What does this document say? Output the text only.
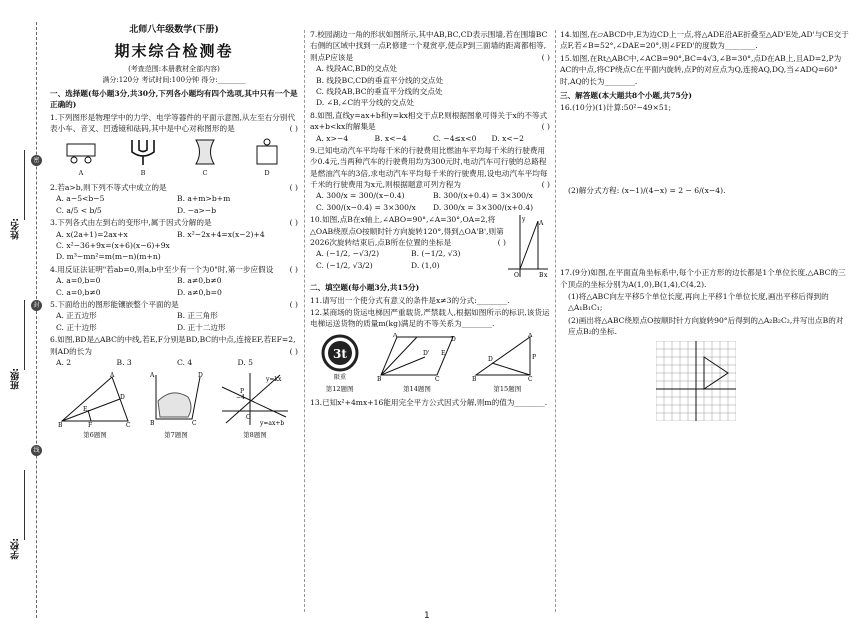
密
封
线
姓名:
班级:
学校:
北师八年级数学(下册)
期末综合检测卷
(考查范围:本册教材全部内容)
满分:120分 考试时间:100分钟 得分:________
一、选择题(每小题3分,共30分,下列各小题均有四个选项,其中只有一个是正确的)
1.下列图形是物理学中的力学、电学等器件的平面示意图,从左至右分别代表小车、音叉、凹透镜和砝码,其中是中心对称图形的是	( )
A	B	C	D
2.若a>b,则下列不等式中成立的是	( )
A. a−5<b−5	B. a+m>b+m
C. a/5 < b/5	D. −a>−b
3.下列各式由左到右的变形中,属于因式分解的是	( )
A. x(2a+1)=2ax+x	B. x²−2x+4=x(x−2)+4
C. x²−36+9x=(x+6)(x−6)+9x
D. m³−mn²=m(m−n)(m+n)
4.用反证法证明"若ab=0,则a,b中至少有一个为0"时,第一步应假设 ( )
A. a=0,b=0	B. a≠0,b≠0
C. a=0,b≠0	D. a≠0,b=0
5.下面给出的图形能镶嵌整个平面的是	( )
A. 正五边形	B. 正三角形
C. 正十边形	D. 正十二边形
6.如图,BD是△ABC的中线,若E,F分别是BD,BC的中点,连接EF,若EF=2,则AD的长为	( )
A. 2	B. 3	C. 4	D. 5
B	F	C
A
D
E
第6题图
A
B	C
D
第7题图
y=kx
y=ax+b
−4
O
P
第8题图
7.校园湖边一角的形状如图所示,其中AB,BC,CD表示围墙,若在围墙BC右侧的区域中找到一点P,修建一个观赏亭,使点P到三面墙的距离都相等,则点P应该是	( )
A. 线段AC,BD的交点处
B. 线段BC,CD的垂直平分线的交点处
C. 线段AB,BC的垂直平分线的交点处
D. ∠B,∠C的平分线的交点处
8.如图,直线y=ax+b和y=kx相交于点P,则根据图象可得关于x的不等式ax+b<kx的解集是	( )
A. x>−4	B. x<−4	C. −4≤x<0	D. x<−2
9.已知电动汽车平均每千米的行驶费用比燃油车平均每千米的行驶费用少0.4元,当两种汽车的行驶费用均为300元时,电动汽车可行驶的总路程是燃油汽车的3倍,求电动汽车平均每千米的行驶费用,设电动汽车平均每千米的行驶费用为x元,则根据题意可列方程为	( )
A. 300/x = 300/(x−0.4)	B. 300/(x+0.4) = 3×300/x
C. 300/(x−0.4) = 3×300/x	D. 300/x = 3×300/(x+0.4)
10.如图,点B在x轴上,∠ABO=90°,∠A=30°,OA=2,将△OAB绕原点O按顺时针方向旋转120°,得到△OA'B',则第2026次旋转结束后,点B所在位置的坐标是	( )
A. (−1/2, −√3/2)	B. (−1/2, √3)
C. (−1/2, √3/2)	D. (1,0)
y
x
A
B
O
二、填空题(每小题3分,共15分)
11.请写出一个使分式有意义的条件是x≠3的分式:________.
12.某商场的货运电梯因严重载货,严禁载人,根据如图所示的标识,该货运电梯运送货物的质量m(kg)满足的不等关系为________.
3t
限重
第12题图
B	C
A
D
D' E
第14题图
B	C
A
P
D
第15题图
13.已知x²+4mx+16能用完全平方公式因式分解,则m的值为________.
14.如图,在▱ABCD中,E为边CD上一点,将△ADE沿AE折叠至△AD'E处,AD'与CE交于点F,若∠B=52°,∠DAE=20°,则∠FED'的度数为________.
15.如图,在Rt△ABC中,∠ACB=90°,BC=4√3,∠B=30°,点D在AB上,且AD=2,P为AC的中点,将CP绕点C在平面内旋转,点P的对应点为Q,连接AQ,DQ,当∠ADQ=60°时,AQ的长为________.
三、解答题(本大题共8个小题,共75分)
16.(10分)(1)计算:50²−49×51;
(2)解分式方程: (x−1)/(4−x) = 2 − 6/(x−4).
17.(9分)如图,在平面直角坐标系中,每个小正方形的边长都是1个单位长度,△ABC的三个顶点的坐标分别为A(1,0),B(1,4),C(4,2).
(1)将△ABC向左平移5个单位长度,再向上平移1个单位长度,画出平移后得到的△A₁B₁C₁;
(2)画出将△ABC绕原点O按顺时针方向旋转90°后得到的△A₂B₂C₂,并写出点B的对应点B₂的坐标.
1
